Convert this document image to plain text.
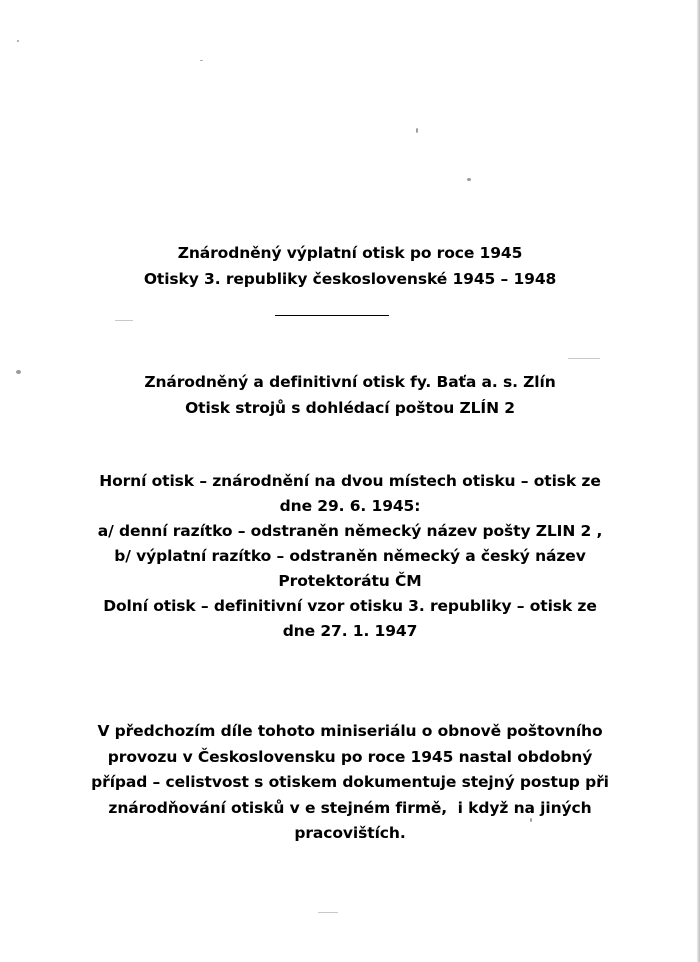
Znárodněný výplatní otisk po roce 1945
Otisky 3. republiky československé 1945 – 1948
Znárodněný a definitivní otisk fy. Baťa a. s. Zlín
Otisk strojů s dohlédací poštou ZLÍN 2
Horní otisk – znárodnění na dvou místech otisku – otisk ze
dne 29. 6. 1945:
a/ denní razítko – odstraněn německý název pošty ZLIN 2 ,
b/ výplatní razítko – odstraněn německý a český název
Protektorátu ČM
Dolní otisk – definitivní vzor otisku 3. republiky – otisk ze
dne 27. 1. 1947
V předchozím díle tohoto miniseriálu o obnově poštovního
provozu v Československu po roce 1945 nastal obdobný
případ – celistvost s otiskem dokumentuje stejný postup při
znárodňování otisků v e stejném firmě,  i když na jiných
pracovištích.
